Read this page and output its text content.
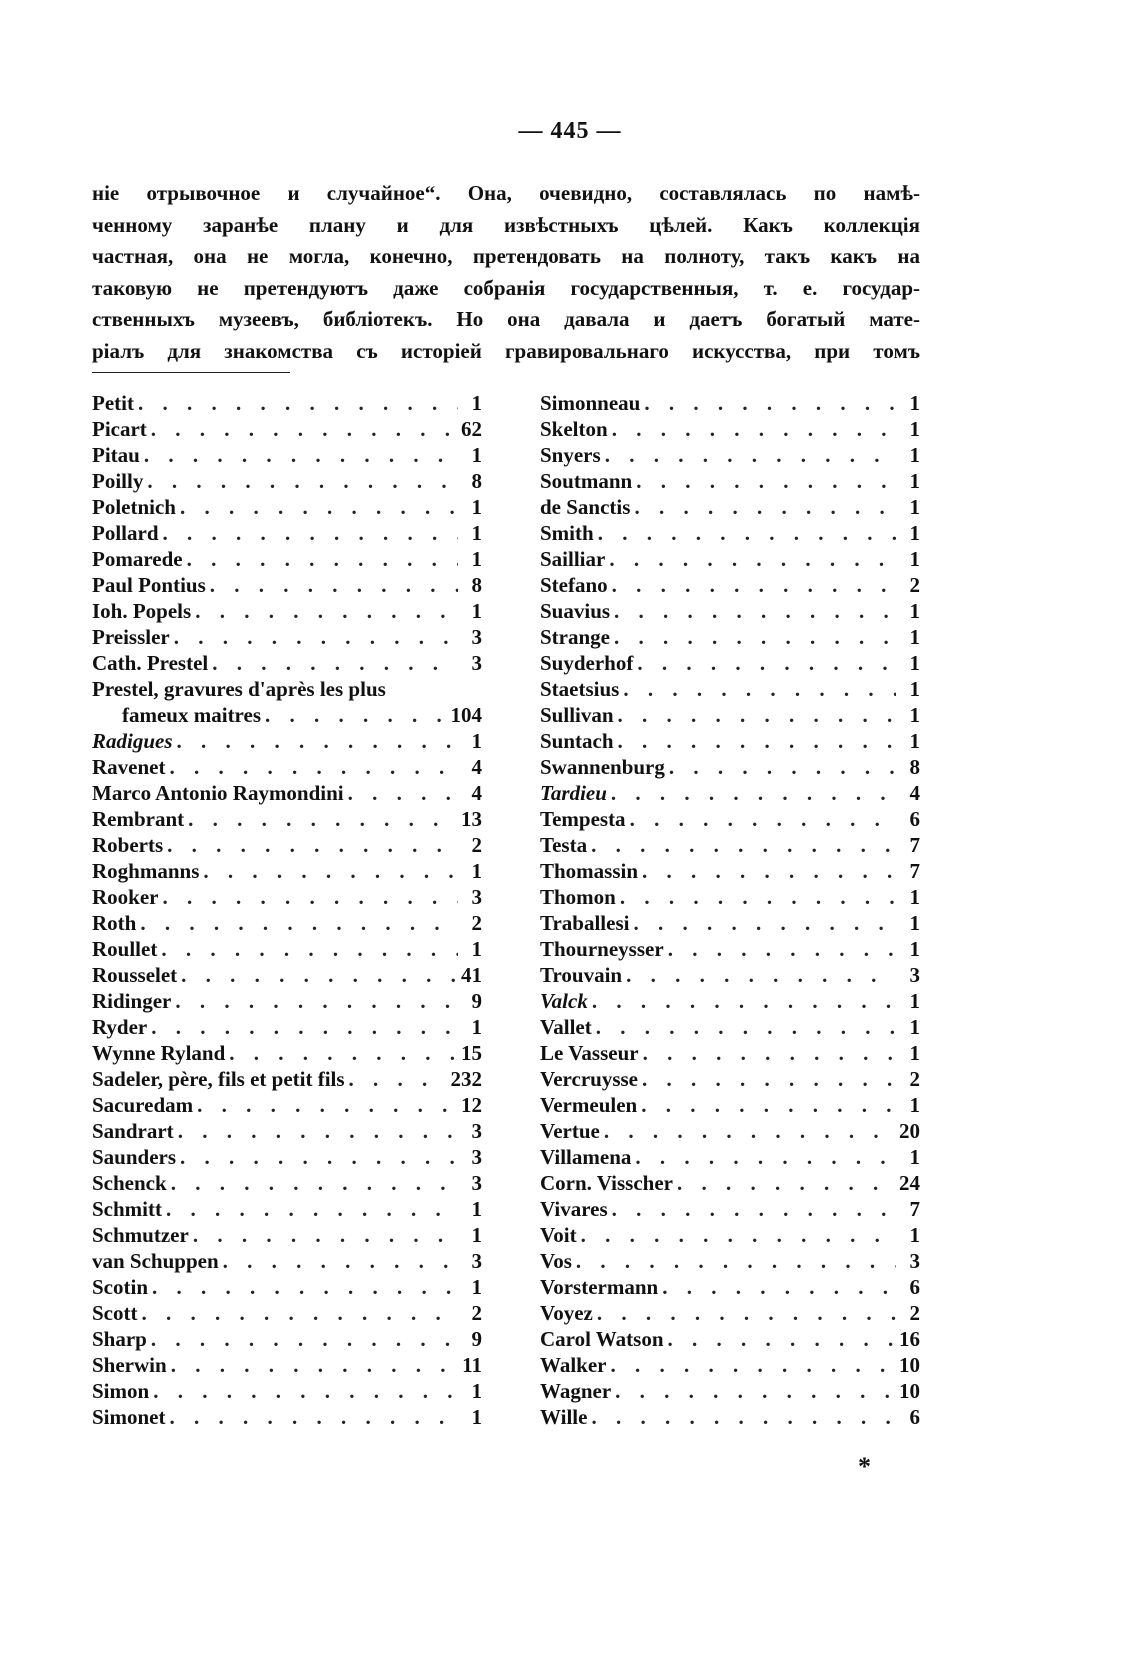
— 445 —
ніе отрывочное и случайное“. Она, очевидно, составлялась по намѣ-
ченному заранѣе плану и для извѣстныхъ цѣлей. Какъ коллекція
частная, она не могла, конечно, претендовать на полноту, такъ какъ на
таковую не претендуютъ даже собранія государственныя, т. е. государ-
ственныхъ музеевъ, библіотекъ. Но она давала и даетъ богатый мате-
ріалъ для знакомства съ исторіей гравировальнаго искусства, при томъ
Petit . . .	1
Picart . . .	62
Pitau . . .	1
Poilly . . .	8
Poletnich . . .	1
Pollard . . .	1
Pomarede . . .	1
Paul Pontius . . .	8
Ioh. Popels . . .	1
Preissler . . .	3
Cath. Prestel . . .	3
Prestel, gravures d'après les plus
fameux maitres . . .	104
Radigues . . .	1
Ravenet . . .	4
Marco Antonio Raymondini . . .	4
Rembrant . . .	13
Roberts . . .	2
Roghmanns . . .	1
Rooker . . .	3
Roth . . .	2
Roullet . . .	1
Rousselet . . .	41
Ridinger . . .	9
Ryder . . .	1
Wynne Ryland . . .	15
Sadeler, père, fils et petit fils . . .	232
Sacuredam . . .	12
Sandrart . . .	3
Saunders . . .	3
Schenck . . .	3
Schmitt . . .	1
Schmutzer . . .	1
van Schuppen . . .	3
Scotin . . .	1
Scott . . .	2
Sharp . . .	9
Sherwin . . .	11
Simon . . .	1
Simonet . . .	1
Simonneau . . .	1
Skelton . . .	1
Snyers . . .	1
Soutmann . . .	1
de Sanctis . . .	1
Smith . . .	1
Sailliar . . .	1
Stefano . . .	2
Suavius . . .	1
Strange . . .	1
Suyderhof . . .	1
Staetsius . . .	1
Sullivan . . .	1
Suntach . . .	1
Swannenburg . . .	8
Tardieu . . .	4
Tempesta . . .	6
Testa . . .	7
Thomassin . . .	7
Thomon . . .	1
Traballesi . . .	1
Thourneysser . . .	1
Trouvain . . .	3
Valck . . .	1
Vallet . . .	1
Le Vasseur . . .	1
Vercruysse . . .	2
Vermeulen . . .	1
Vertue . . .	20
Villamena . . .	1
Corn. Visscher . . .	24
Vivares . . .	7
Voit . . .	1
Vos . . .	3
Vorstermann . . .	6
Voyez . . .	2
Carol Watson . . .	16
Walker . . .	10
Wagner . . .	10
Wille . . .	6
*
